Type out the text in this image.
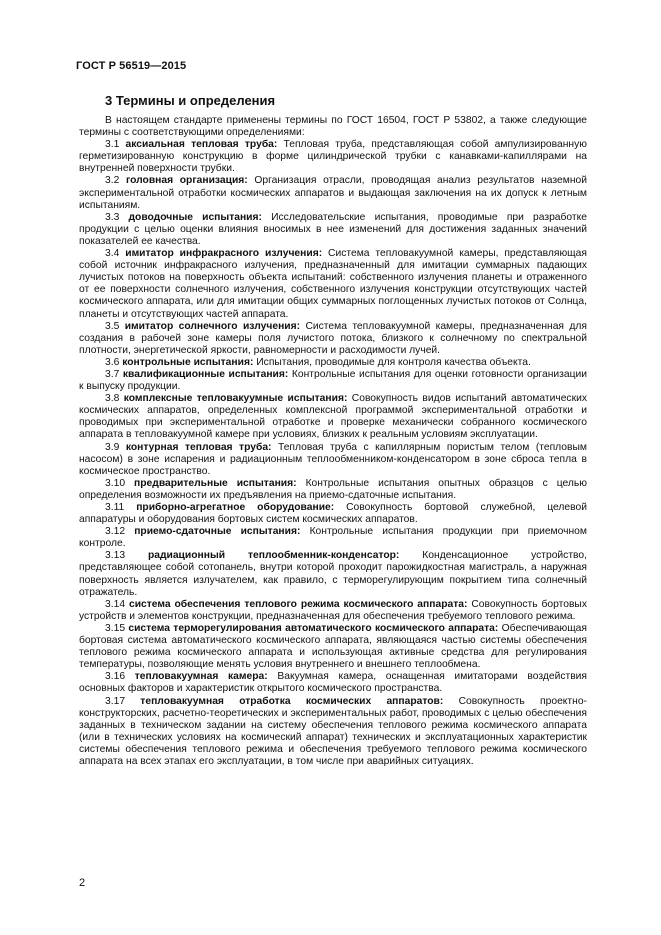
ГОСТ Р 56519—2015
3 Термины и определения

В настоящем стандарте применены термины по ГОСТ 16504, ГОСТ Р 53802, а также следующие термины с соответствующими определениями:

3.1 аксиальная тепловая труба: Тепловая труба, представляющая собой ампулизированную герметизированную конструкцию в форме цилиндрической трубки с канавками-капиллярами на внутренней поверхности трубки.

3.2 головная организация: Организация отрасли, проводящая анализ результатов наземной экспериментальной отработки космических аппаратов и выдающая заключения на их допуск к летным испытаниям.

3.3 доводочные испытания: Исследовательские испытания, проводимые при разработке продукции с целью оценки влияния вносимых в нее изменений для достижения заданных значений показателей ее качества.

3.4 имитатор инфракрасного излучения: Система тепловакуумной камеры, представляющая собой источник инфракрасного излучения, предназначенный для имитации суммарных падающих лучистых потоков на поверхность объекта испытаний: собственного излучения планеты и отраженного от ее поверхности солнечного излучения, собственного излучения конструкции отсутствующих частей космического аппарата, или для имитации общих суммарных поглощенных лучистых потоков от Солнца, планеты и отсутствующих частей аппарата.

3.5 имитатор солнечного излучения: Система тепловакуумной камеры, предназначенная для создания в рабочей зоне камеры поля лучистого потока, близкого к солнечному по спектральной плотности, энергетической яркости, равномерности и расходимости лучей.

3.6 контрольные испытания: Испытания, проводимые для контроля качества объекта.

3.7 квалификационные испытания: Контрольные испытания для оценки готовности организации к выпуску продукции.

3.8 комплексные тепловакуумные испытания: Совокупность видов испытаний автоматических космических аппаратов, определенных комплексной программой экспериментальной отработки и проводимых при экспериментальной отработке и проверке механически собранного космического аппарата в тепловакуумной камере при условиях, близких к реальным условиям эксплуатации.

3.9 контурная тепловая труба: Тепловая труба с капиллярным пористым телом (тепловым насосом) в зоне испарения и радиационным теплообменником-конденсатором в зоне сброса тепла в космическое пространство.

3.10 предварительные испытания: Контрольные испытания опытных образцов с целью определения возможности их предъявления на приемо-сдаточные испытания.

3.11 приборно-агрегатное оборудование: Совокупность бортовой служебной, целевой аппаратуры и оборудования бортовых систем космических аппаратов.

3.12 приемо-сдаточные испытания: Контрольные испытания продукции при приемочном контроле.

3.13 радиационный теплообменник-конденсатор: Конденсационное устройство, представляющее собой сотопанель, внутри которой проходит парожидкостная магистраль, а наружная поверхность является излучателем, как правило, с терморегулирующим покрытием типа солнечный отражатель.

3.14 система обеспечения теплового режима космического аппарата: Совокупность бортовых устройств и элементов конструкции, предназначенная для обеспечения требуемого теплового режима.

3.15 система терморегулирования автоматического космического аппарата: Обеспечивающая бортовая система автоматического космического аппарата, являющаяся частью системы обеспечения теплового режима космического аппарата и использующая активные средства для регулирования температуры, позволяющие менять условия внутреннего и внешнего теплообмена.

3.16 тепловакуумная камера: Вакуумная камера, оснащенная имитаторами воздействия основных факторов и характеристик открытого космического пространства.

3.17 тепловакуумная отработка космических аппаратов: Совокупность проектно-конструкторских, расчетно-теоретических и экспериментальных работ, проводимых с целью обеспечения заданных в техническом задании на систему обеспечения теплового режима космического аппарата (или в технических условиях на космический аппарат) технических и эксплуатационных характеристик системы обеспечения теплового режима и обеспечения требуемого теплового режима космического аппарата на всех этапах его эксплуатации, в том числе при аварийных ситуациях.

2
